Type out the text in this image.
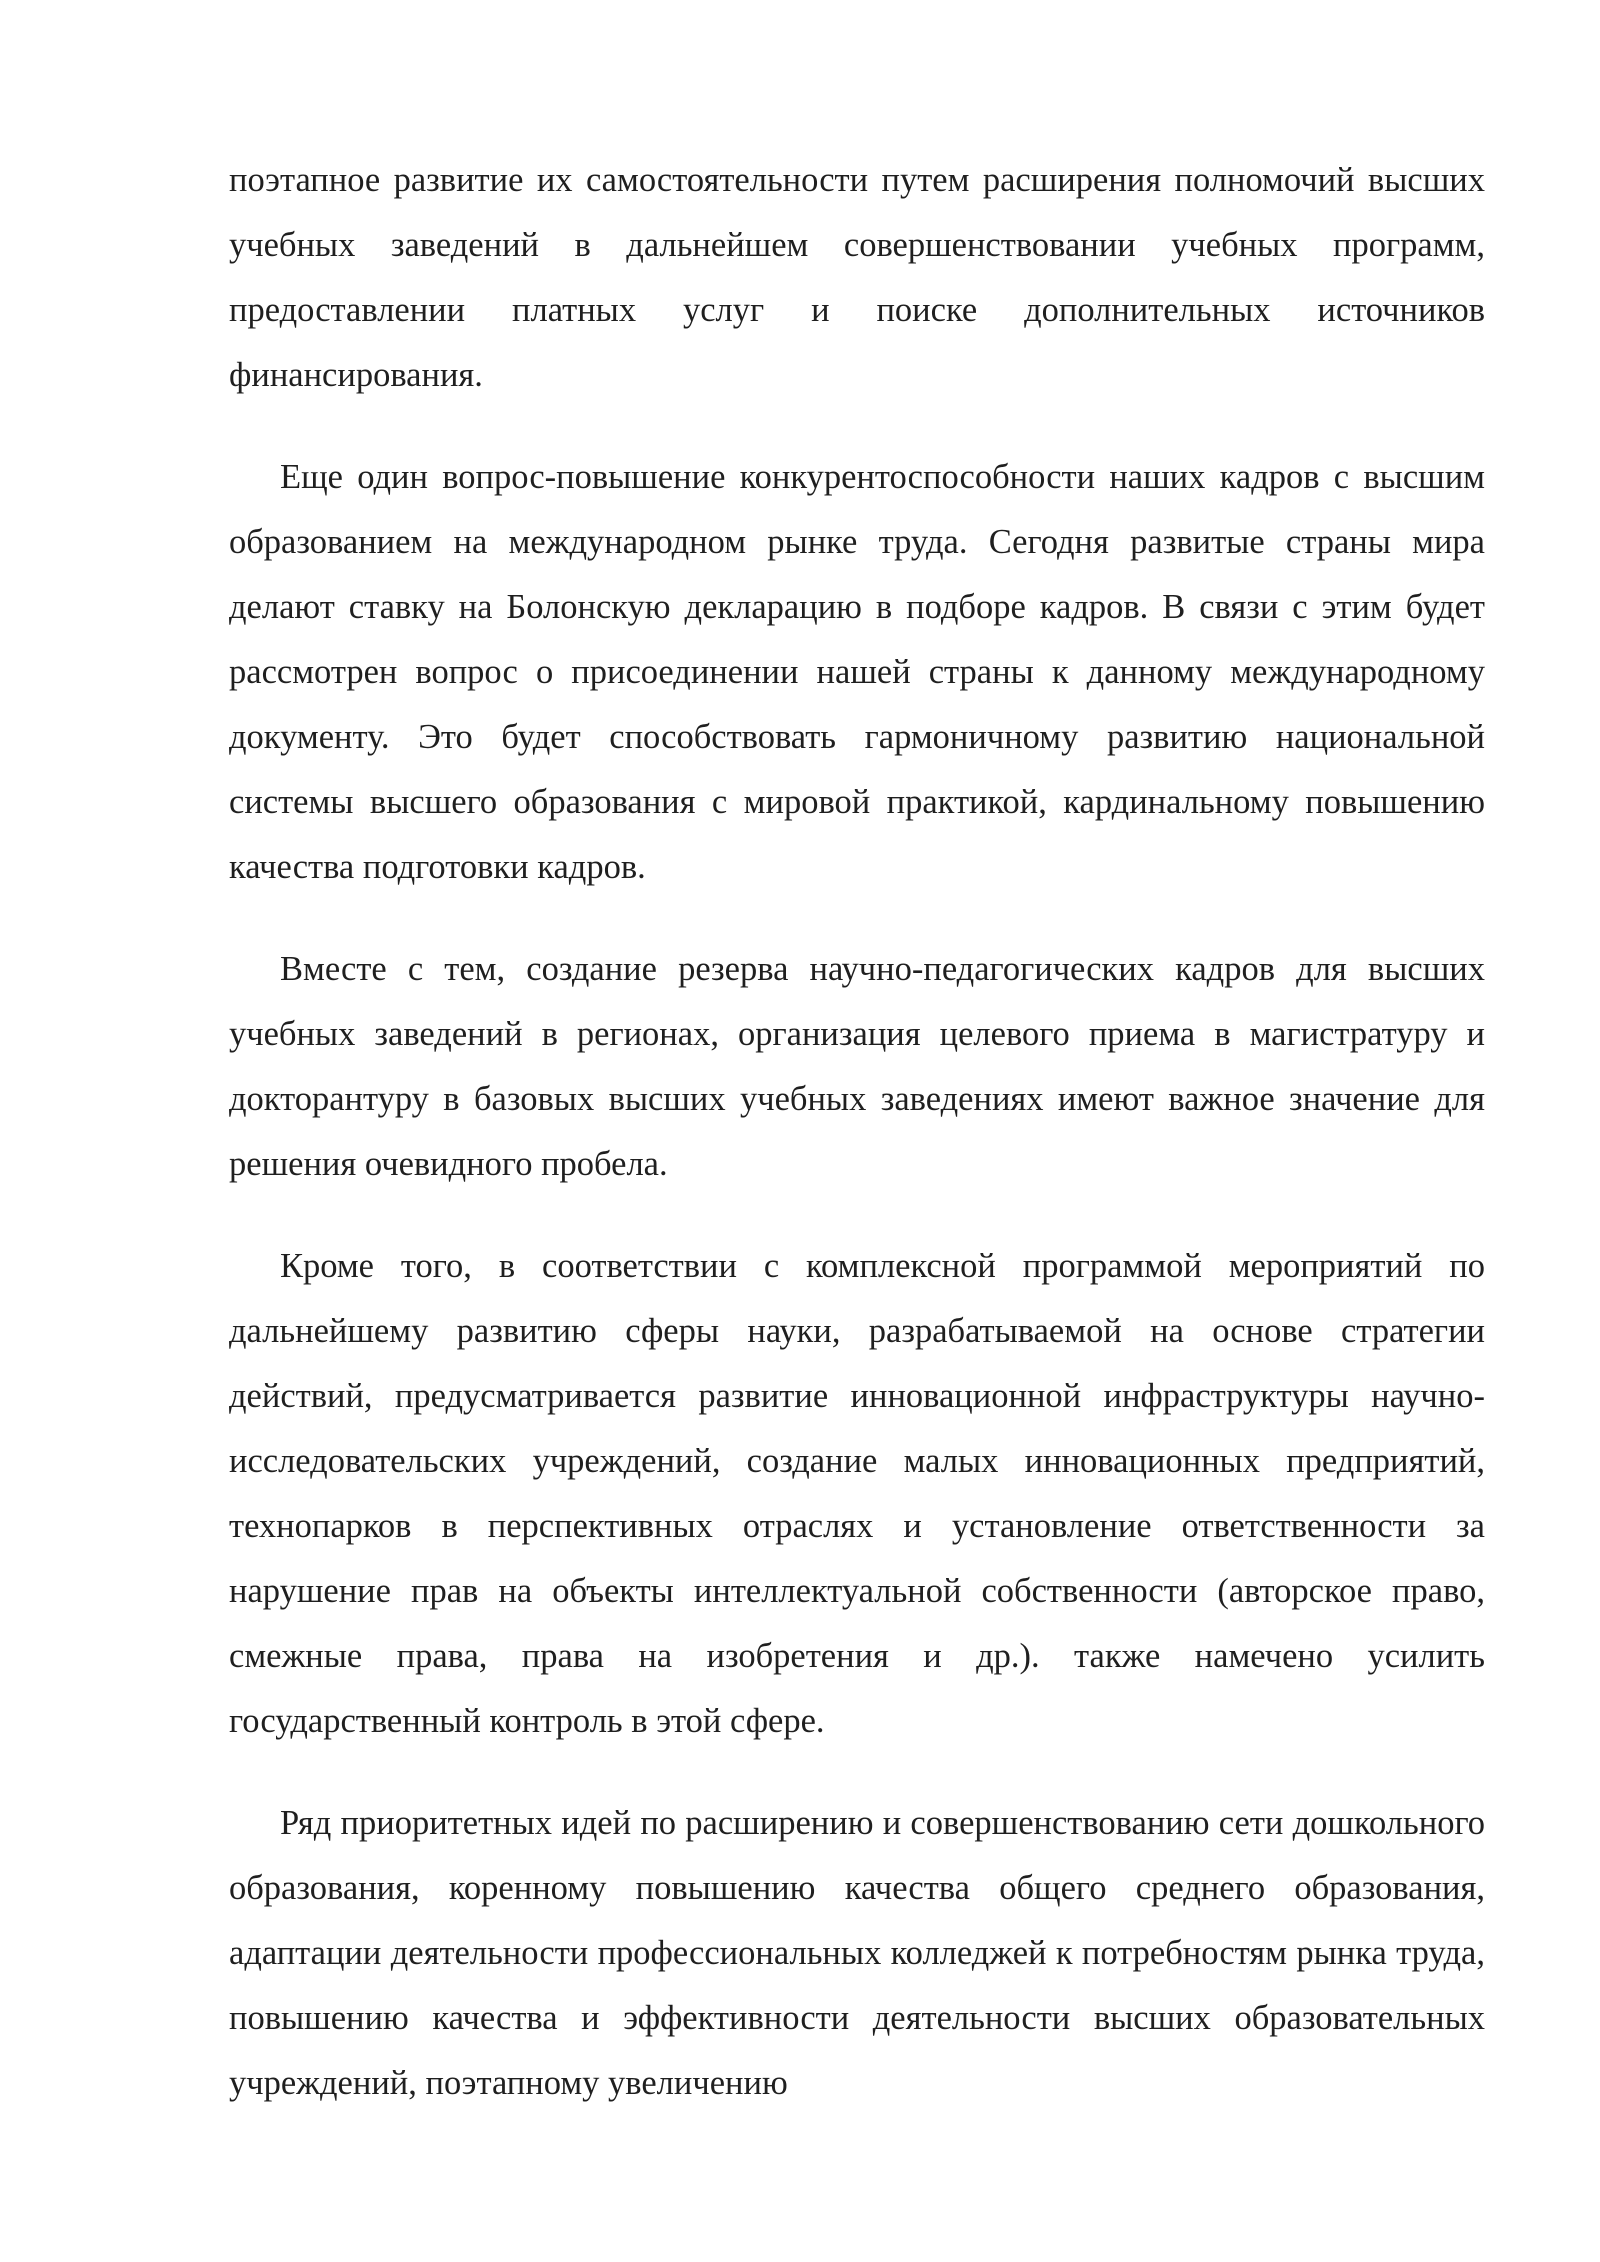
поэтапное развитие их самостоятельности путем расширения полномочий высших учебных заведений в дальнейшем совершенствовании учебных программ, предоставлении платных услуг и поиске дополнительных источников финансирования.

Еще один вопрос-повышение конкурентоспособности наших кадров с высшим образованием на международном рынке труда. Сегодня развитые страны мира делают ставку на Болонскую декларацию в подборе кадров. В связи с этим будет рассмотрен вопрос о присоединении нашей страны к данному международному документу. Это будет способствовать гармоничному развитию национальной системы высшего образования с мировой практикой, кардинальному повышению качества подготовки кадров.

Вместе с тем, создание резерва научно-педагогических кадров для высших учебных заведений в регионах, организация целевого приема в магистратуру и докторантуру в базовых высших учебных заведениях имеют важное значение для решения очевидного пробела.

Кроме того, в соответствии с комплексной программой мероприятий по дальнейшему развитию сферы науки, разрабатываемой на основе стратегии действий, предусматривается развитие инновационной инфраструктуры научно-исследовательских учреждений, создание малых инновационных предприятий, технопарков в перспективных отраслях и установление ответственности за нарушение прав на объекты интеллектуальной собственности (авторское право, смежные права, права на изобретения и др.). также намечено усилить государственный контроль в этой сфере.

Ряд приоритетных идей по расширению и совершенствованию сети дошкольного образования, коренному повышению качества общего среднего образования, адаптации деятельности профессиональных колледжей к потребностям рынка труда, повышению качества и эффективности деятельности высших образовательных учреждений, поэтапному увеличению
